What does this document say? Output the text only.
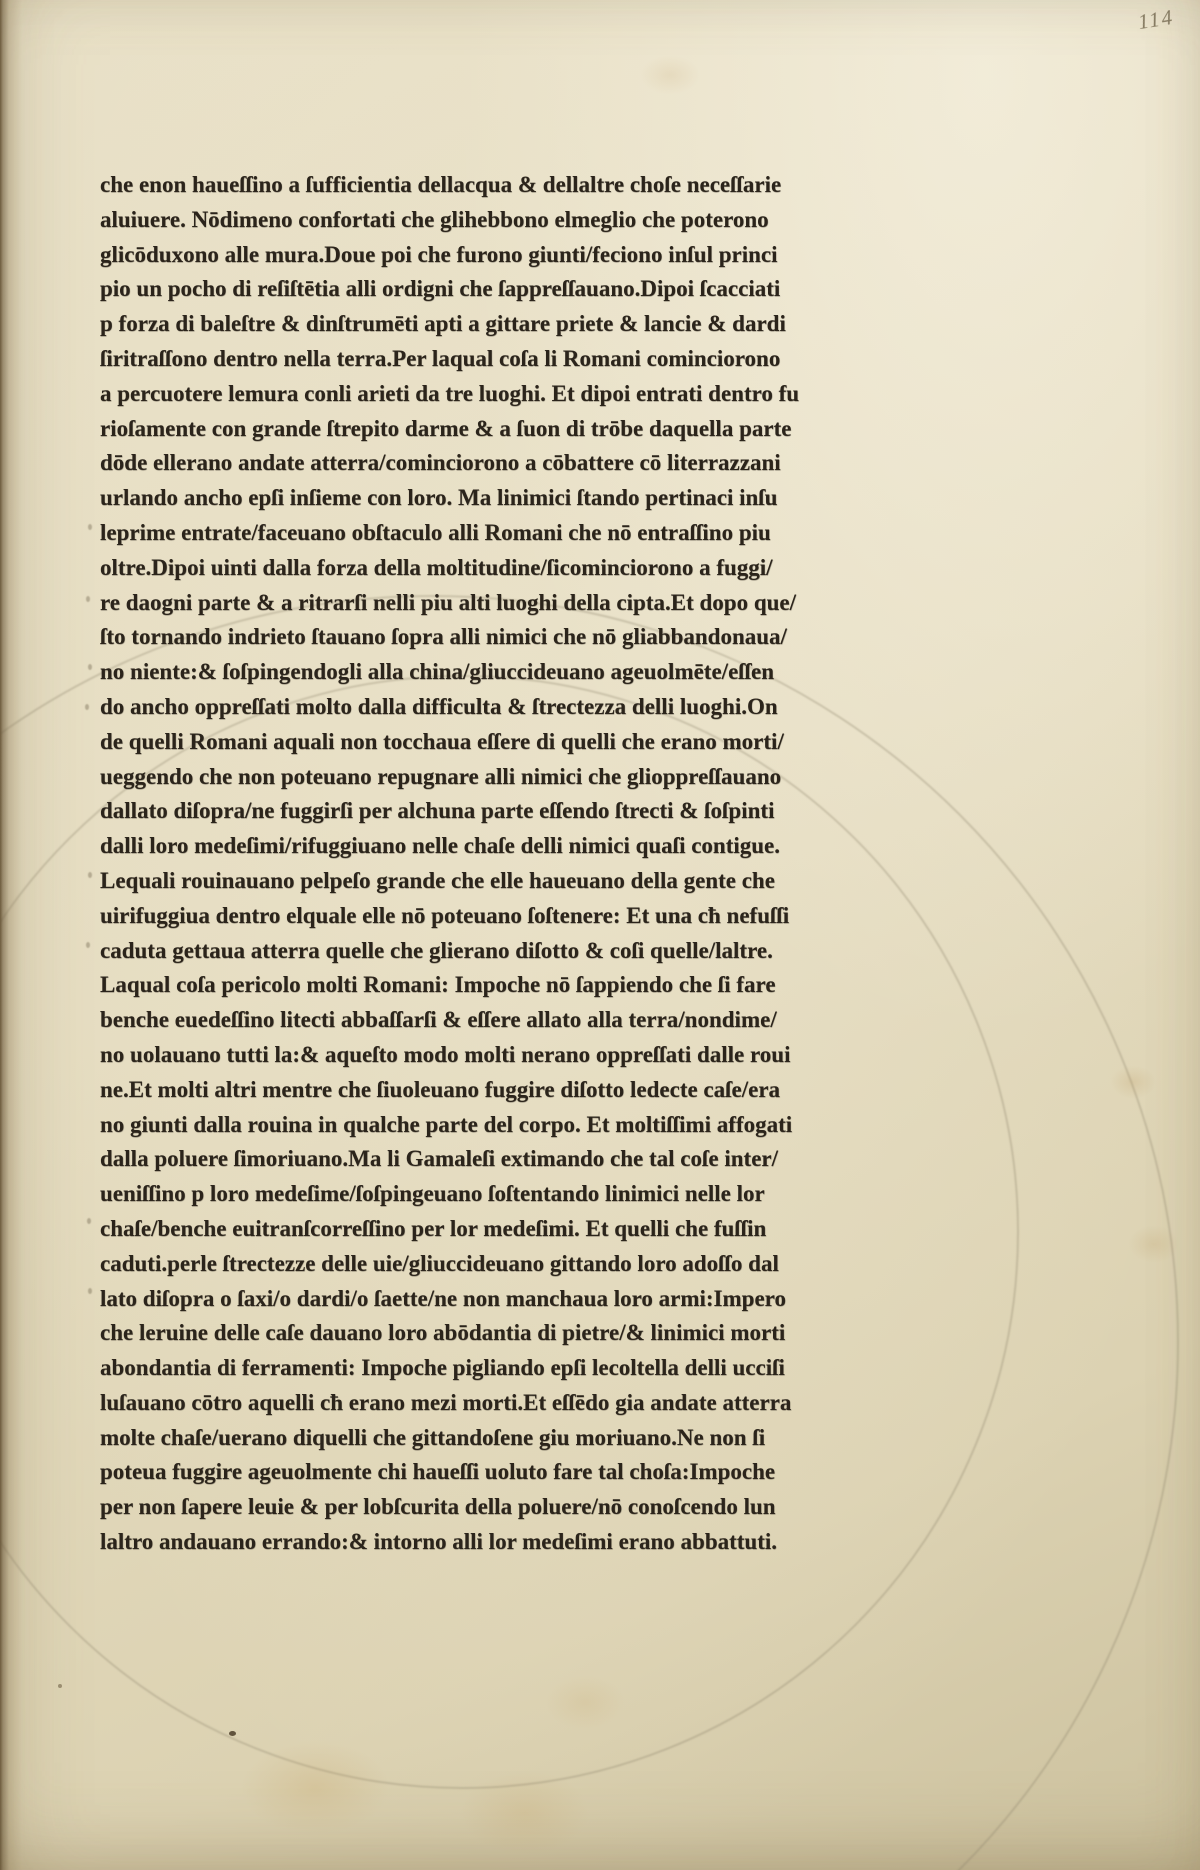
114
che enon haueſſino a ſufficientia dellacqua & dellaltre choſe neceſſarie
aluiuere. Nōdimeno confortati che glihebbono elmeglio che poterono
glicōduxono alle mura.Doue poi che furono giunti/feciono inſul princi
pio un pocho di reſiſtētia alli ordigni che ſappreſſauano.Dipoi ſcacciati
p forza di baleſtre & dinſtrumēti apti a gittare priete & lancie & dardi
ſiritraſſono dentro nella terra.Per laqual coſa li Romani cominciorono
a percuotere lemura conli arieti da tre luoghi. Et dipoi entrati dentro fu
rioſamente con grande ſtrepito darme & a ſuon di trōbe daquella parte
dōde ellerano andate atterra/cominciorono a cōbattere cō literrazzani
urlando ancho epſi inſieme con loro. Ma linimici ſtando pertinaci inſu
leprime entrate/faceuano obſtaculo alli Romani che nō entraſſino piu
oltre.Dipoi uinti dalla forza della moltitudine/ſicominciorono a fuggi/
re daogni parte & a ritrarſi nelli piu alti luoghi della cipta.Et dopo que/
ſto tornando indrieto ſtauano ſopra alli nimici che nō gliabbandonaua/
no niente:& ſoſpingendogli alla china/gliuccideuano ageuolmēte/eſſen
do ancho oppreſſati molto dalla difficulta & ſtrectezza delli luoghi.On
de quelli Romani aquali non tocchaua eſſere di quelli che erano morti/
ueggendo che non poteuano repugnare alli nimici che glioppreſſauano
dallato diſopra/ne fuggirſi per alchuna parte eſſendo ſtrecti & ſoſpinti
dalli loro medeſimi/rifuggiuano nelle chaſe delli nimici quaſi contigue.
Lequali rouinauano pelpeſo grande che elle haueuano della gente che
uirifuggiua dentro elquale elle nō poteuano ſoſtenere: Et una cħ nefuſſi
caduta gettaua atterra quelle che glierano diſotto & coſi quelle/laltre.
Laqual coſa pericolo molti Romani: Impoche nō ſappiendo che ſi fare
benche euedeſſino litecti abbaſſarſi & eſſere allato alla terra/nondime/
no uolauano tutti la:& aqueſto modo molti nerano oppreſſati dalle roui
ne.Et molti altri mentre che ſiuoleuano fuggire diſotto ledecte caſe/era
no giunti dalla rouina in qualche parte del corpo. Et moltiſſimi affogati
dalla poluere ſimoriuano.Ma li Gamaleſi extimando che tal coſe inter/
ueniſſino p loro medeſime/ſoſpingeuano ſoſtentando linimici nelle lor
chaſe/benche euitranſcorreſſino per lor medeſimi. Et quelli che fuſſin
caduti.perle ſtrectezze delle uie/gliuccideuano gittando loro adoſſo dal
lato diſopra o ſaxi/o dardi/o ſaette/ne non manchaua loro armi:Impero
che leruine delle caſe dauano loro abōdantia di pietre/& linimici morti
abondantia di ferramenti: Impoche pigliando epſi lecoltella delli ucciſi
luſauano cōtro aquelli cħ erano mezi morti.Et eſſēdo gia andate atterra
molte chaſe/uerano diquelli che gittandoſene giu moriuano.Ne non ſi
poteua fuggire ageuolmente chi haueſſi uoluto fare tal choſa:Impoche
per non ſapere leuie & per lobſcurita della poluere/nō conoſcendo lun
laltro andauano errando:& intorno alli lor medeſimi erano abbattuti.
